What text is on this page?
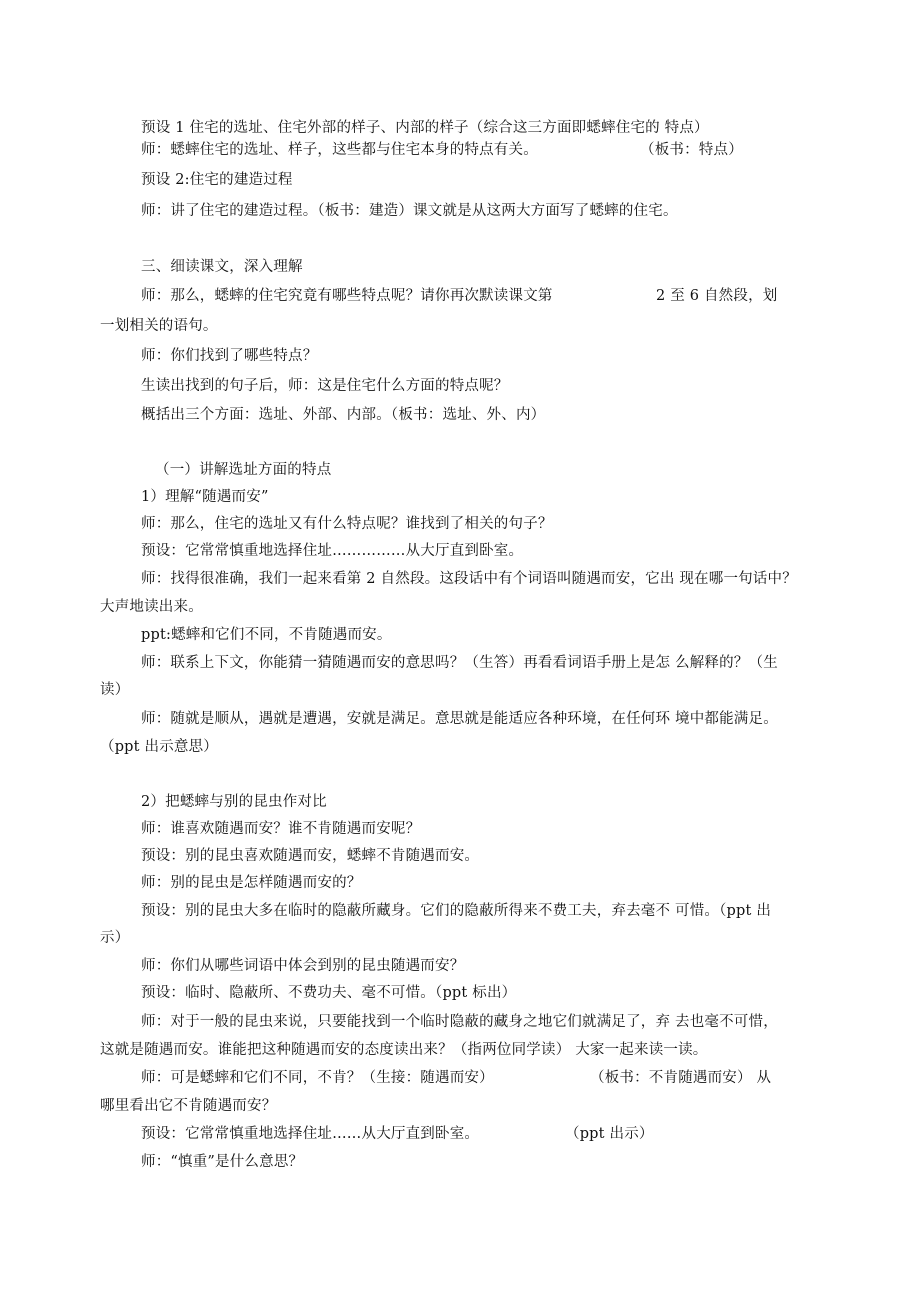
预设 1 住宅的选址、住宅外部的样子、内部的样子（综合这三方面即蟋蟀住宅的 特点）
师：蟋蟀住宅的选址、样子，这些都与住宅本身的特点有关。	（板书：特点）
预设 2:住宅的建造过程
师：讲了住宅的建造过程。（板书：建造）课文就是从这两大方面写了蟋蟀的住宅。
三、细读课文，深入理解
师：那么，蟋蟀的住宅究竟有哪些特点呢？请你再次默读课文第	2 至 6 自然段，划
一划相关的语句。
师：你们找到了哪些特点？
生读出找到的句子后，师：这是住宅什么方面的特点呢？
概括出三个方面：选址、外部、内部。（板书：选址、外、内）
（一）讲解选址方面的特点
1）理解“随遇而安”
师：那么，住宅的选址又有什么特点呢？谁找到了相关的句子？
预设：它常常慎重地选择住址……………从大厅直到卧室。
师：找得很准确，我们一起来看第 2 自然段。这段话中有个词语叫随遇而安，它出 现在哪一句话中？
大声地读出来。
ppt:蟋蟀和它们不同，不肯随遇而安。
师：联系上下文，你能猜一猜随遇而安的意思吗？（生答）再看看词语手册上是怎 么解释的？（生
读）
师：随就是顺从，遇就是遭遇，安就是满足。意思就是能适应各种环境，在任何环 境中都能满足。
（ppt 出示意思）
2）把蟋蟀与别的昆虫作对比
师：谁喜欢随遇而安？谁不肯随遇而安呢？
预设：别的昆虫喜欢随遇而安，蟋蟀不肯随遇而安。
师：别的昆虫是怎样随遇而安的？
预设：别的昆虫大多在临时的隐蔽所藏身。它们的隐蔽所得来不费工夫，弃去毫不 可惜。（ppt 出
示）
师：你们从哪些词语中体会到别的昆虫随遇而安？
预设：临时、隐蔽所、不费功夫、毫不可惜。（ppt 标出）
师：对于一般的昆虫来说，只要能找到一个临时隐蔽的藏身之地它们就满足了，弃 去也毫不可惜，
这就是随遇而安。谁能把这种随遇而安的态度读出来？（指两位同学读） 大家一起来读一读。
师：可是蟋蟀和它们不同，不肯？（生接：随遇而安）	（板书：不肯随遇而安） 从
哪里看出它不肯随遇而安？
预设：它常常慎重地选择住址……从大厅直到卧室。	（ppt 出示）
师：“慎重”是什么意思？
